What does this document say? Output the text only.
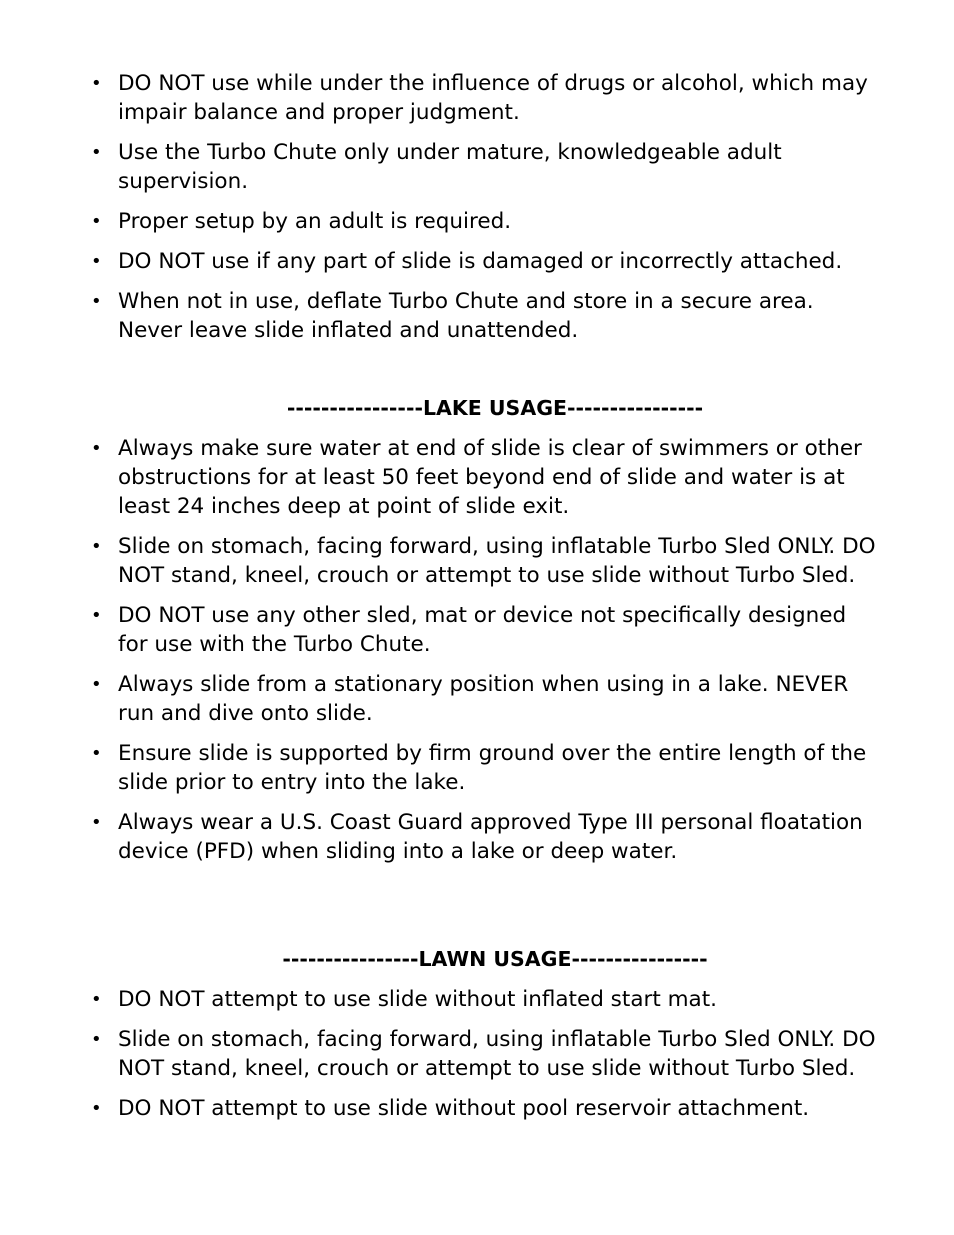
• DO NOT use while under the influence of drugs or alcohol, which may impair balance and proper judgment.
• Use the Turbo Chute only under mature, knowledgeable adult supervision.
• Proper setup by an adult is required.
• DO NOT use if any part of slide is damaged or incorrectly attached.
• When not in use, deflate Turbo Chute and store in a secure area. Never leave slide inflated and unattended.
----------------LAKE USAGE----------------
• Always make sure water at end of slide is clear of swimmers or other obstructions for at least 50 feet beyond end of slide and water is at least 24 inches deep at point of slide exit.
• Slide on stomach, facing forward, using inflatable Turbo Sled ONLY. DO NOT stand, kneel, crouch or attempt to use slide without Turbo Sled.
• DO NOT use any other sled, mat or device not specifically designed for use with the Turbo Chute.
• Always slide from a stationary position when using in a lake. NEVER run and dive onto slide.
• Ensure slide is supported by firm ground over the entire length of the slide prior to entry into the lake.
• Always wear a U.S. Coast Guard approved Type III personal floatation device (PFD) when sliding into a lake or deep water.
----------------LAWN USAGE----------------
• DO NOT attempt to use slide without inflated start mat.
• Slide on stomach, facing forward, using inflatable Turbo Sled ONLY. DO NOT stand, kneel, crouch or attempt to use slide without Turbo Sled.
• DO NOT attempt to use slide without pool reservoir attachment.
